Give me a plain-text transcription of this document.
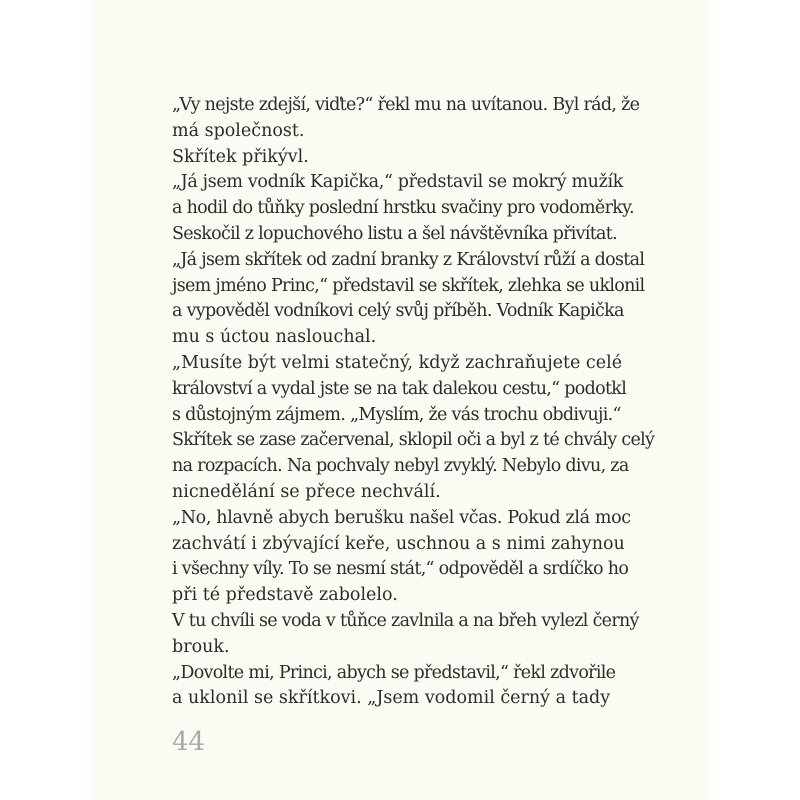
„Vy nejste zdejší, viďte?“ řekl mu na uvítanou. Byl rád, že
má společnost.
Skřítek přikývl.
„Já jsem vodník Kapička,“ představil se mokrý mužík
a hodil do tůňky poslední hrstku svačiny pro vodoměrky.
Seskočil z lopuchového listu a šel návštěvníka přivítat.
„Já jsem skřítek od zadní branky z Království růží a dostal
jsem jméno Princ,“ představil se skřítek, zlehka se uklonil
a vypověděl vodníkovi celý svůj příběh. Vodník Kapička
mu s úctou naslouchal.
„Musíte být velmi statečný, když zachraňujete celé
království a vydal jste se na tak dalekou cestu,“ podotkl
s důstojným zájmem. „Myslím, že vás trochu obdivuji.“
Skřítek se zase začervenal, sklopil oči a byl z té chvály celý
na rozpacích. Na pochvaly nebyl zvyklý. Nebylo divu, za
nicnedělání se přece nechválí.
„No, hlavně abych berušku našel včas. Pokud zlá moc
zachvátí i zbývající keře, uschnou a s nimi zahynou
i všechny víly. To se nesmí stát,“ odpověděl a srdíčko ho
při té představě zabolelo.
V tu chvíli se voda v tůňce zavlnila a na břeh vylezl černý
brouk.
„Dovolte mi, Princi, abych se představil,“ řekl zdvořile
a uklonil se skřítkovi. „Jsem vodomil černý a tady
44
